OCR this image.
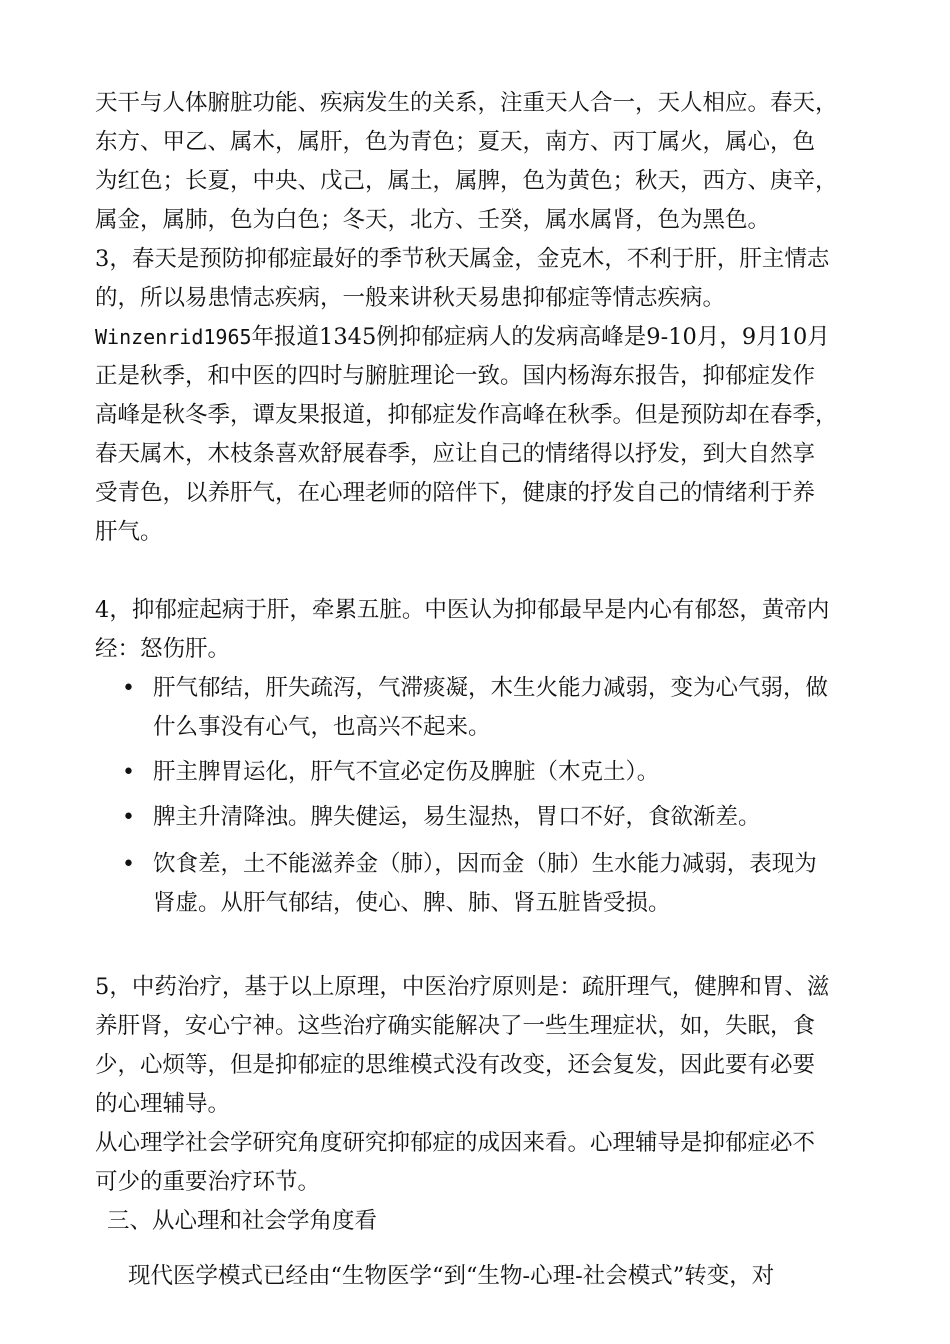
天干与人体腑脏功能、疾病发生的关系，注重天人合一，天人相应。春天，

东方、甲乙、属木，属肝，色为青色；夏天，南方、丙丁属火，属心，色

为红色；长夏，中央、戊己，属土，属脾，色为黄色；秋天，西方、庚辛，

属金，属肺，色为白色；冬天，北方、壬癸，属水属肾，色为黑色。

3，春天是预防抑郁症最好的季节秋天属金，金克木，不利于肝，肝主情志

的，所以易患情志疾病，一般来讲秋天易患抑郁症等情志疾病。

Winzenrid1965年报道1345例抑郁症病人的发病高峰是9-10月，9月10月

正是秋季，和中医的四时与腑脏理论一致。国内杨海东报告，抑郁症发作

高峰是秋冬季，谭友果报道，抑郁症发作高峰在秋季。但是预防却在春季，

春天属木，木枝条喜欢舒展春季，应让自己的情绪得以抒发，到大自然享

受青色，以养肝气，在心理老师的陪伴下，健康的抒发自己的情绪利于养

肝气。

4，抑郁症起病于肝，牵累五脏。中医认为抑郁最早是内心有郁怒，黄帝内

经：怒伤肝。

• 肝气郁结，肝失疏泻，气滞痰凝，木生火能力减弱，变为心气弱，做
什么事没有心气，也高兴不起来。
• 肝主脾胃运化，肝气不宣必定伤及脾脏（木克土）。
• 脾主升清降浊。脾失健运，易生湿热，胃口不好，食欲渐差。
• 饮食差，土不能滋养金（肺），因而金（肺）生水能力减弱，表现为
肾虚。从肝气郁结，使心、脾、肺、肾五脏皆受损。

5，中药治疗，基于以上原理，中医治疗原则是：疏肝理气，健脾和胃、滋

养肝肾，安心宁神。这些治疗确实能解决了一些生理症状，如，失眠，食

少，心烦等，但是抑郁症的思维模式没有改变，还会复发，因此要有必要

的心理辅导。

从心理学社会学研究角度研究抑郁症的成因来看。心理辅导是抑郁症必不

可少的重要治疗环节。

三、从心理和社会学角度看

现代医学模式已经由“生物医学“到“生物-心理-社会模式”转变，对
